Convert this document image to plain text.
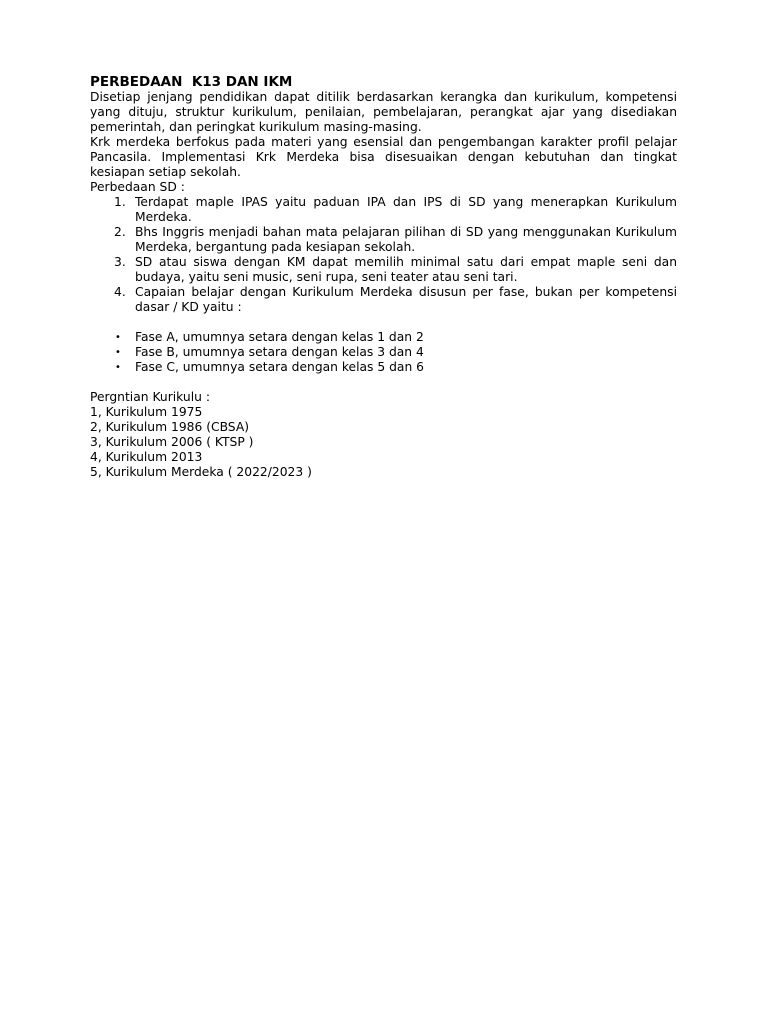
PERBEDAAN  K13 DAN IKM

Disetiap jenjang pendidikan dapat ditilik berdasarkan kerangka dan kurikulum, kompetensi yang dituju, struktur kurikulum, penilaian, pembelajaran, perangkat ajar yang disediakan pemerintah, dan peringkat kurikulum masing-masing.

Krk merdeka berfokus pada materi yang esensial dan pengembangan karakter profil pelajar Pancasila. Implementasi Krk Merdeka bisa disesuaikan dengan kebutuhan dan tingkat kesiapan setiap sekolah.

Perbedaan SD :

1. Terdapat maple IPAS yaitu paduan IPA dan IPS di SD yang menerapkan Kurikulum Merdeka.
2. Bhs Inggris menjadi bahan mata pelajaran pilihan di SD yang menggunakan Kurikulum Merdeka, bergantung pada kesiapan sekolah.
3. SD atau siswa dengan KM dapat memilih minimal satu dari empat maple seni dan budaya, yaitu seni music, seni rupa, seni teater atau seni tari.
4. Capaian belajar dengan Kurikulum Merdeka disusun per fase, bukan per kompetensi dasar / KD yaitu :
• Fase A, umumnya setara dengan kelas 1 dan 2
• Fase B, umumnya setara dengan kelas 3 dan 4
• Fase C, umumnya setara dengan kelas 5 dan 6

Pergntian Kurikulu :

1, Kurikulum 1975

2, Kurikulum 1986 (CBSA)

3, Kurikulum 2006 ( KTSP )

4, Kurikulum 2013

5, Kurikulum Merdeka ( 2022/2023 )
